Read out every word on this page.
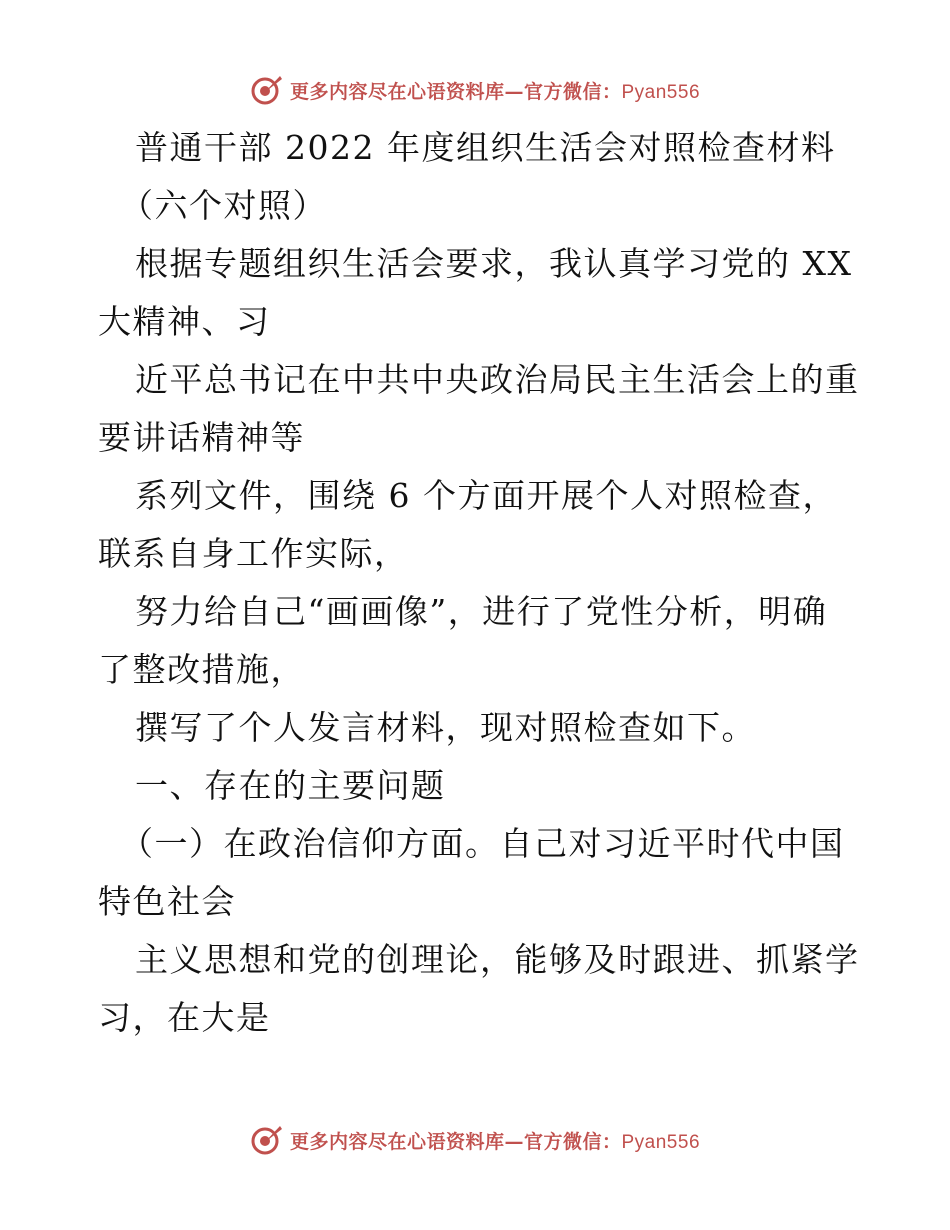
更多内容尽在心语资料库—官方微信：Pyan556
普通干部 2022 年度组织生活会对照检查材料
（六个对照）
根据专题组织生活会要求，我认真学习党的 XX
大精神、习
近平总书记在中共中央政治局民主生活会上的重
要讲话精神等
系列文件，围绕 6 个方面开展个人对照检查，
联系自身工作实际，
努力给自己“画画像”，进行了党性分析，明确
了整改措施，
撰写了个人发言材料，现对照检查如下。
一、存在的主要问题
（一）在政治信仰方面。自己对习近平时代中国
特色社会
主义思想和党的创理论，能够及时跟进、抓紧学
习，在大是
更多内容尽在心语资料库—官方微信：Pyan556
